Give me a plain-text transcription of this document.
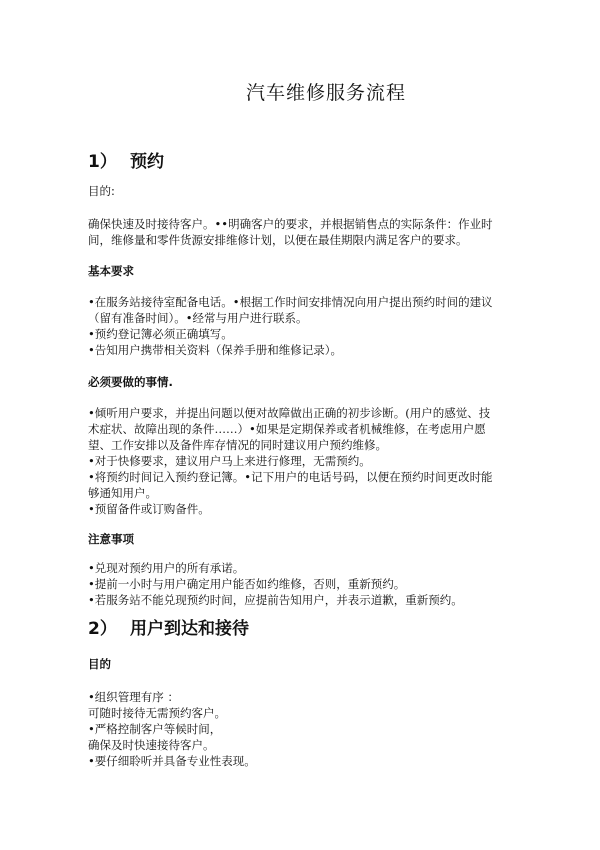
汽车维修服务流程
1） 预约

目的:

确保快速及时接待客户。••明确客户的要求，并根据销售点的实际条件：作业时
间，维修量和零件货源安排维修计划，以便在最佳期限内满足客户的要求。

基本要求

•在服务站接待室配备电话。•根据工作时间安排情况向用户提出预约时间的建议
（留有准备时间）。•经常与用户进行联系。
•预约登记簿必须正确填写。
•告知用户携带相关资料（保养手册和维修记录）。

必须要做的事情.

•倾听用户要求，并提出问题以便对故障做出正确的初步诊断。(用户的感觉、技
术症状、故障出现的条件……）•如果是定期保养或者机械维修，在考虑用户愿
望、工作安排以及备件库存情况的同时建议用户预约维修。
•对于快修要求，建议用户马上来进行修理，无需预约。
•将预约时间记入预约登记簿。•记下用户的电话号码，以便在预约时间更改时能
够通知用户。
•预留备件或订购备件。

注意事项

•兑现对预约用户的所有承诺。
•提前一小时与用户确定用户能否如约维修，否则，重新预约。
•若服务站不能兑现预约时间，应提前告知用户，并表示道歉，重新预约。
2） 用户到达和接待

目的

•组织管理有序 ：
可随时接待无需预约客户。
•严格控制客户等候时间，
确保及时快速接待客户。
•要仔细聆听并具备专业性表现。
